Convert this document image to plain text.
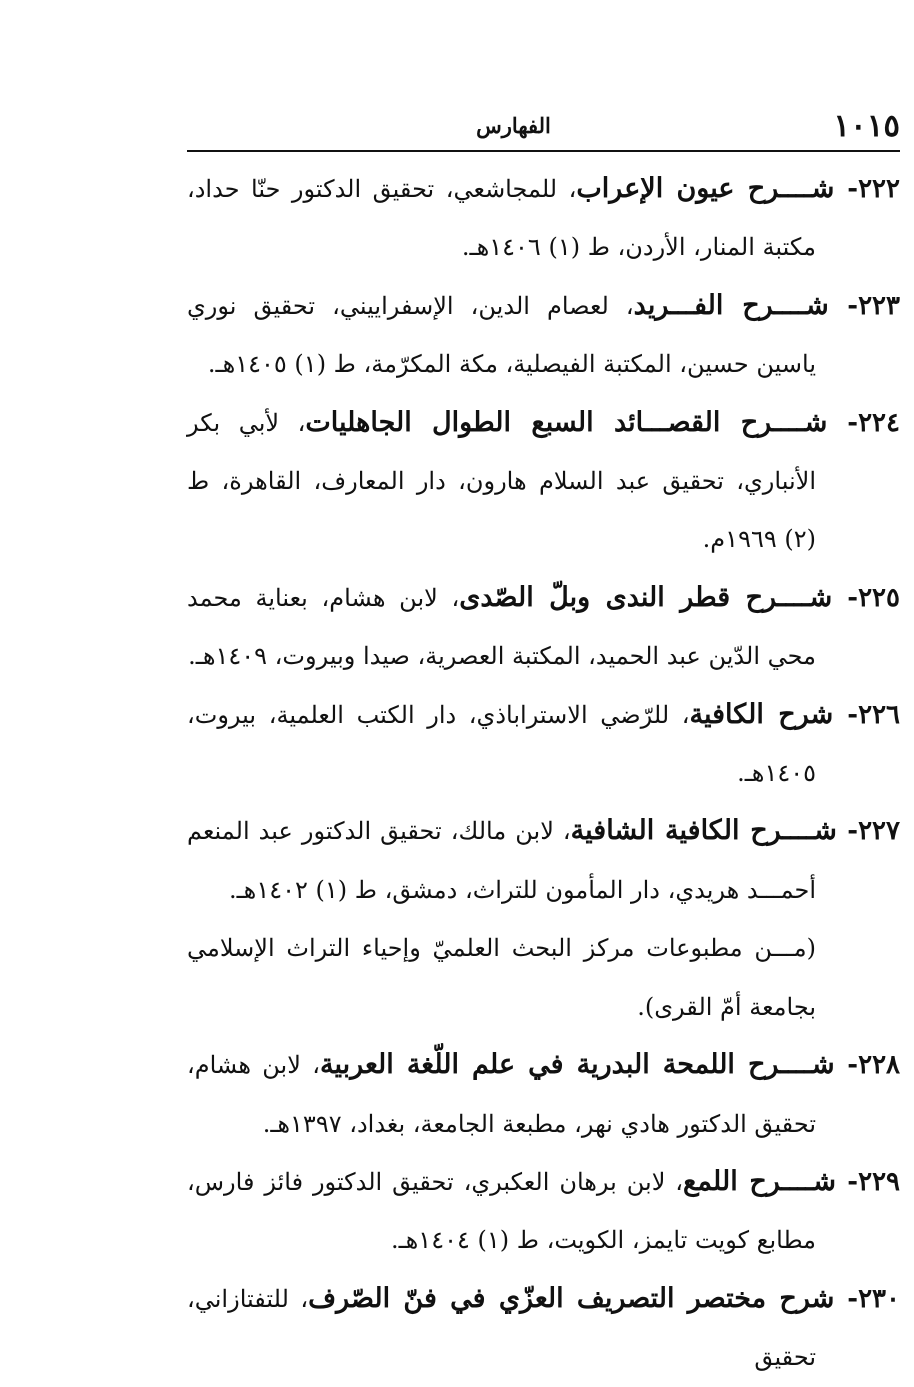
١٠١٥
الفهارس

٢٢٢- شــــرح عيون الإعراب، للمجاشعي، تحقيق الدكتور حنّا حداد، مكتبة المنار، الأردن، ط (١) ١٤٠٦هـ.

٢٢٣- شــــرح الفـــريد، لعصام الدين، الإسفراييني، تحقيق نوري ياسين حسين، المكتبة الفيصلية، مكة المكرّمة، ط (١) ١٤٠٥هـ.

٢٢٤- شــــرح القصـــائد السبع الطوال الجاهليات، لأبي بكر الأنباري، تحقيق عبد السلام هارون، دار المعارف، القاهرة، ط (٢) ١٩٦٩م.

٢٢٥- شــــرح قطر الندى وبلّ الصّدى، لابن هشام، بعناية محمد محي الدّين عبد الحميد، المكتبة العصرية، صيدا وبيروت، ١٤٠٩هـ.

٢٢٦- شرح الكافية، للرّضي الاستراباذي، دار الكتب العلمية، بيروت، ١٤٠٥هـ.

٢٢٧- شــــرح الكافية الشافية، لابن مالك، تحقيق الدكتور عبد المنعم أحمـــد هريدي، دار المأمون للتراث، دمشق، ط (١) ١٤٠٢هـ.
(مـــن مطبوعات مركز البحث العلميّ وإحياء التراث الإسلامي بجامعة أمّ القرى).

٢٢٨- شــــرح اللمحة البدرية في علم اللّغة العربية، لابن هشام، تحقيق الدكتور هادي نهر، مطبعة الجامعة، بغداد، ١٣٩٧هـ.

٢٢٩- شــــرح اللمع، لابن برهان العكبري، تحقيق الدكتور فائز فارس، مطابع كويت تايمز، الكويت، ط (١) ١٤٠٤هـ.

٢٣٠- شرح مختصر التصريف العزّي في فنّ الصّرف، للتفتازاني، تحقيق
